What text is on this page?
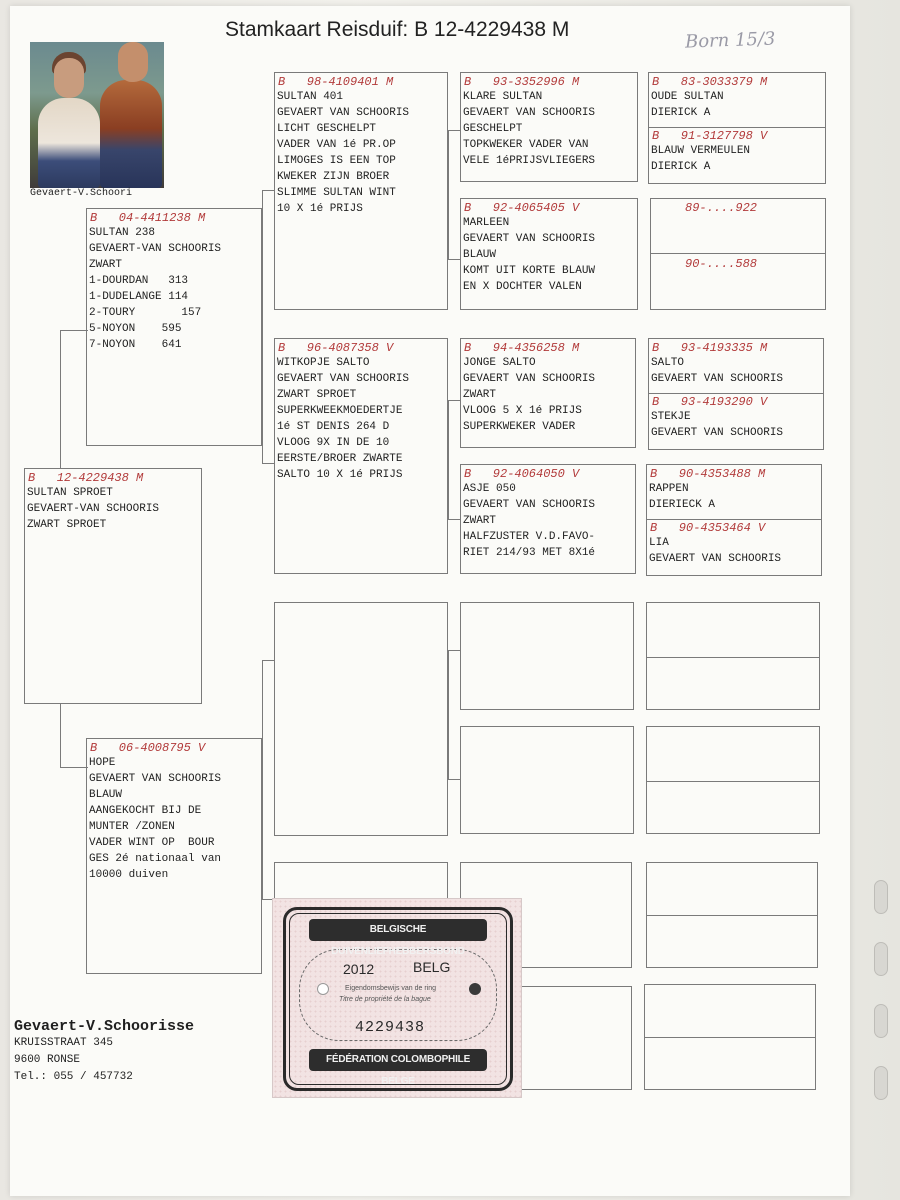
Stamkaart Reisduif: B 12-4229438 M	Born 15/3
Gevaert-V.Schoori
B   12-4229438 M
SULTAN SPROET
GEVAERT-VAN SCHOORIS
ZWART SPROET
B   04-4411238 M
SULTAN 238
GEVAERT-VAN SCHOORIS
ZWART
1-DOURDAN   313
1-DUDELANGE 114
2-TOURY       157
5-NOYON    595
7-NOYON    641
B   06-4008795 V
HOPE
GEVAERT VAN SCHOORIS
BLAUW
AANGEKOCHT BIJ DE
MUNTER /ZONEN
VADER WINT OP  BOUR
GES 2é nationaal van
10000 duiven
B   98-4109401 M
SULTAN 401
GEVAERT VAN SCHOORIS
LICHT GESCHELPT
VADER VAN 1é PR.OP
LIMOGES IS EEN TOP
KWEKER ZIJN BROER
SLIMME SULTAN WINT
10 X 1é PRIJS
B   96-4087358 V
WITKOPJE SALTO
GEVAERT VAN SCHOORIS
ZWART SPROET
SUPERKWEEKMOEDERTJE
1é ST DENIS 264 D
VLOOG 9X IN DE 10
EERSTE/BROER ZWARTE
SALTO 10 X 1é PRIJS
B   93-3352996 M
KLARE SULTAN
GEVAERT VAN SCHOORIS
GESCHELPT
TOPKWEKER VADER VAN
VELE 1éPRIJSVLIEGERS
B   92-4065405 V
MARLEEN
GEVAERT VAN SCHOORIS
BLAUW
KOMT UIT KORTE BLAUW
EN X DOCHTER VALEN
B   94-4356258 M
JONGE SALTO
GEVAERT VAN SCHOORIS
ZWART
VLOOG 5 X 1é PRIJS
SUPERKWEKER VADER
B   92-4064050 V
ASJE 050
GEVAERT VAN SCHOORIS
ZWART
HALFZUSTER V.D.FAVO-
RIET 214/93 MET 8X1é
B   83-3033379 M
OUDE SULTAN
DIERICK A
B   91-3127798 V
BLAUW VERMEULEN
DIERICK A
89-....922
90-....588
B   93-4193335 M
SALTO
GEVAERT VAN SCHOORIS
B   93-4193290 V
STEKJE
GEVAERT VAN SCHOORIS
B   90-4353488 M
RAPPEN
DIERIECK A
B   90-4353464 V
LIA
GEVAERT VAN SCHOORIS
Gevaert-V.Schoorisse
KRUISSTRAAT 345
9600 RONSE
Tel.: 055 / 457732
BELGISCHE DUIVENLIEFHEBBERSBOND
2012	BELG
Eigendomsbewijs van de ring
Titre de propriété de la bague
4229438
FÉDÉRATION COLOMBOPHILE BELGE
